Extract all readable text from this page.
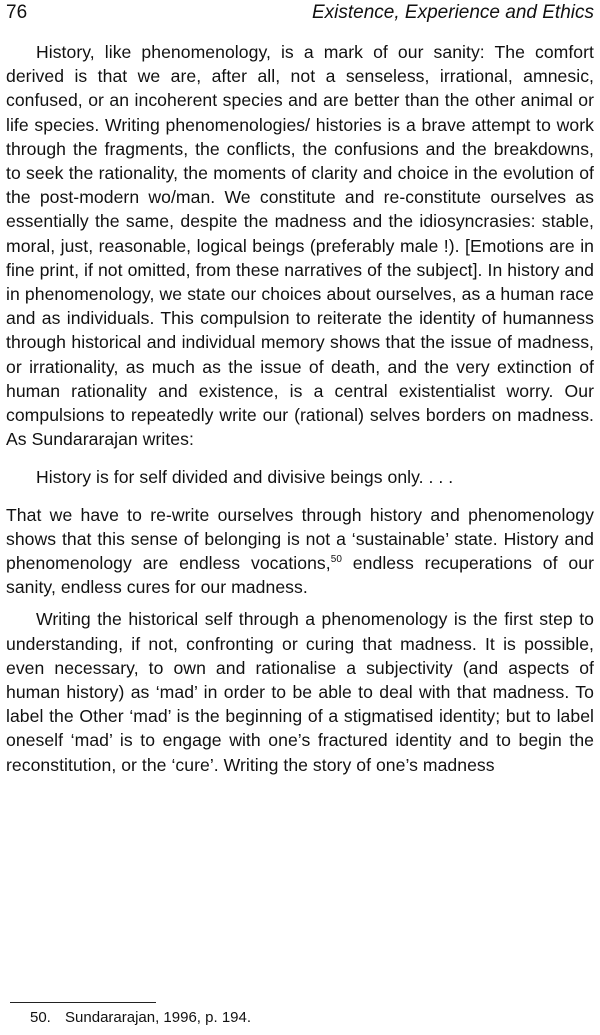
76	Existence, Experience and Ethics

History, like phenomenology, is a mark of our sanity: The comfort derived is that we are, after all, not a senseless, irrational, amnesic, confused, or an incoherent species and are better than the other animal or life species. Writing phenomenologies/ histories is a brave attempt to work through the fragments, the conflicts, the confusions and the breakdowns, to seek the rationality, the moments of clarity and choice in the evolution of the post-modern wo/man. We constitute and re-constitute ourselves as essentially the same, despite the madness and the idiosyncrasies: stable, moral, just, reasonable, logical beings (preferably male !). [Emotions are in fine print, if not omitted, from these narratives of the subject]. In history and in phenomenology, we state our choices about ourselves, as a human race and as individuals. This compulsion to reiterate the identity of humanness through historical and individual memory shows that the issue of madness, or irrationality, as much as the issue of death, and the very extinction of human rationality and existence, is a central existentialist worry. Our compulsions to repeatedly write our (rational) selves borders on madness. As Sundararajan writes:

History is for self divided and divisive beings only. . . .

That we have to re-write ourselves through history and phenomenology shows that this sense of belonging is not a ‘sustainable’ state. History and phenomenology are endless vocations,$^{50}$ endless recuperations of our sanity, endless cures for our madness.

Writing the historical self through a phenomenology is the first step to understanding, if not, confronting or curing that madness. It is possible, even necessary, to own and rationalise a subjectivity (and aspects of human history) as ‘mad’ in order to be able to deal with that madness. To label the Other ‘mad’ is the beginning of a stigmatised identity; but to label oneself ‘mad’ is to engage with one’s fractured identity and to begin the reconstitution, or the ‘cure’. Writing the story of one’s madness

50. Sundararajan, 1996, p. 194.
